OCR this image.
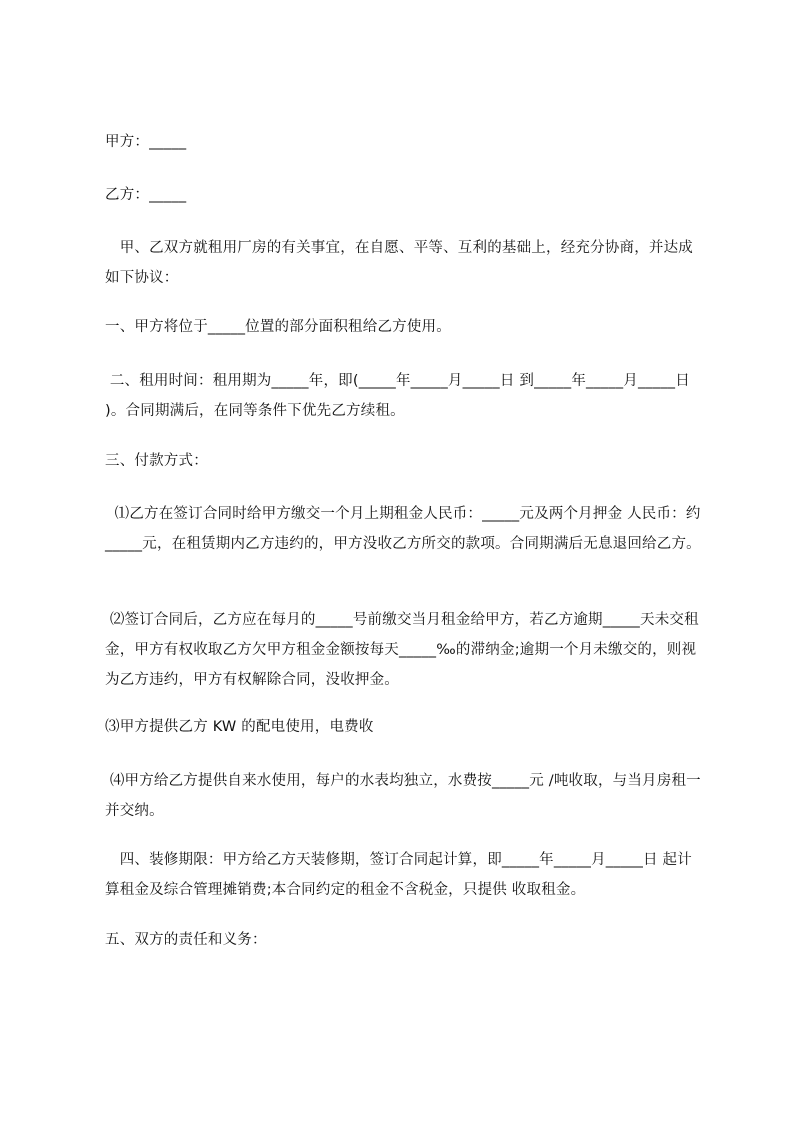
甲方：_____
乙方：_____
　甲、乙双方就租用厂房的有关事宜，在自愿、平等、互利的基础上，经充分协商，并达成如下协议：
一、甲方将位于_____位置的部分面积租给乙方使用。
二、租用时间：租用期为_____年，即(_____年_____月_____日 到_____年_____月_____日 )。合同期满后，在同等条件下优先乙方续租。
三、付款方式：
⑴乙方在签订合同时给甲方缴交一个月上期租金人民币：_____元及两个月押金 人民币：约_____元，在租赁期内乙方违约的，甲方没收乙方所交的款项。合同期满后无息退回给乙方。
⑵签订合同后，乙方应在每月的_____号前缴交当月租金给甲方，若乙方逾期_____天未交租金，甲方有权收取乙方欠甲方租金金额按每天_____‰的滞纳金;逾期一个月未缴交的，则视为乙方违约，甲方有权解除合同，没收押金。
⑶甲方提供乙方 KW 的配电使用，电费收
⑷甲方给乙方提供自来水使用，每户的水表均独立，水费按_____元 /吨收取，与当月房租一并交纳。
　四、装修期限：甲方给乙方天装修期，签订合同起计算，即_____年_____月_____日 起计算租金及综合管理摊销费;本合同约定的租金不含税金，只提供 收取租金。
五、双方的责任和义务：
